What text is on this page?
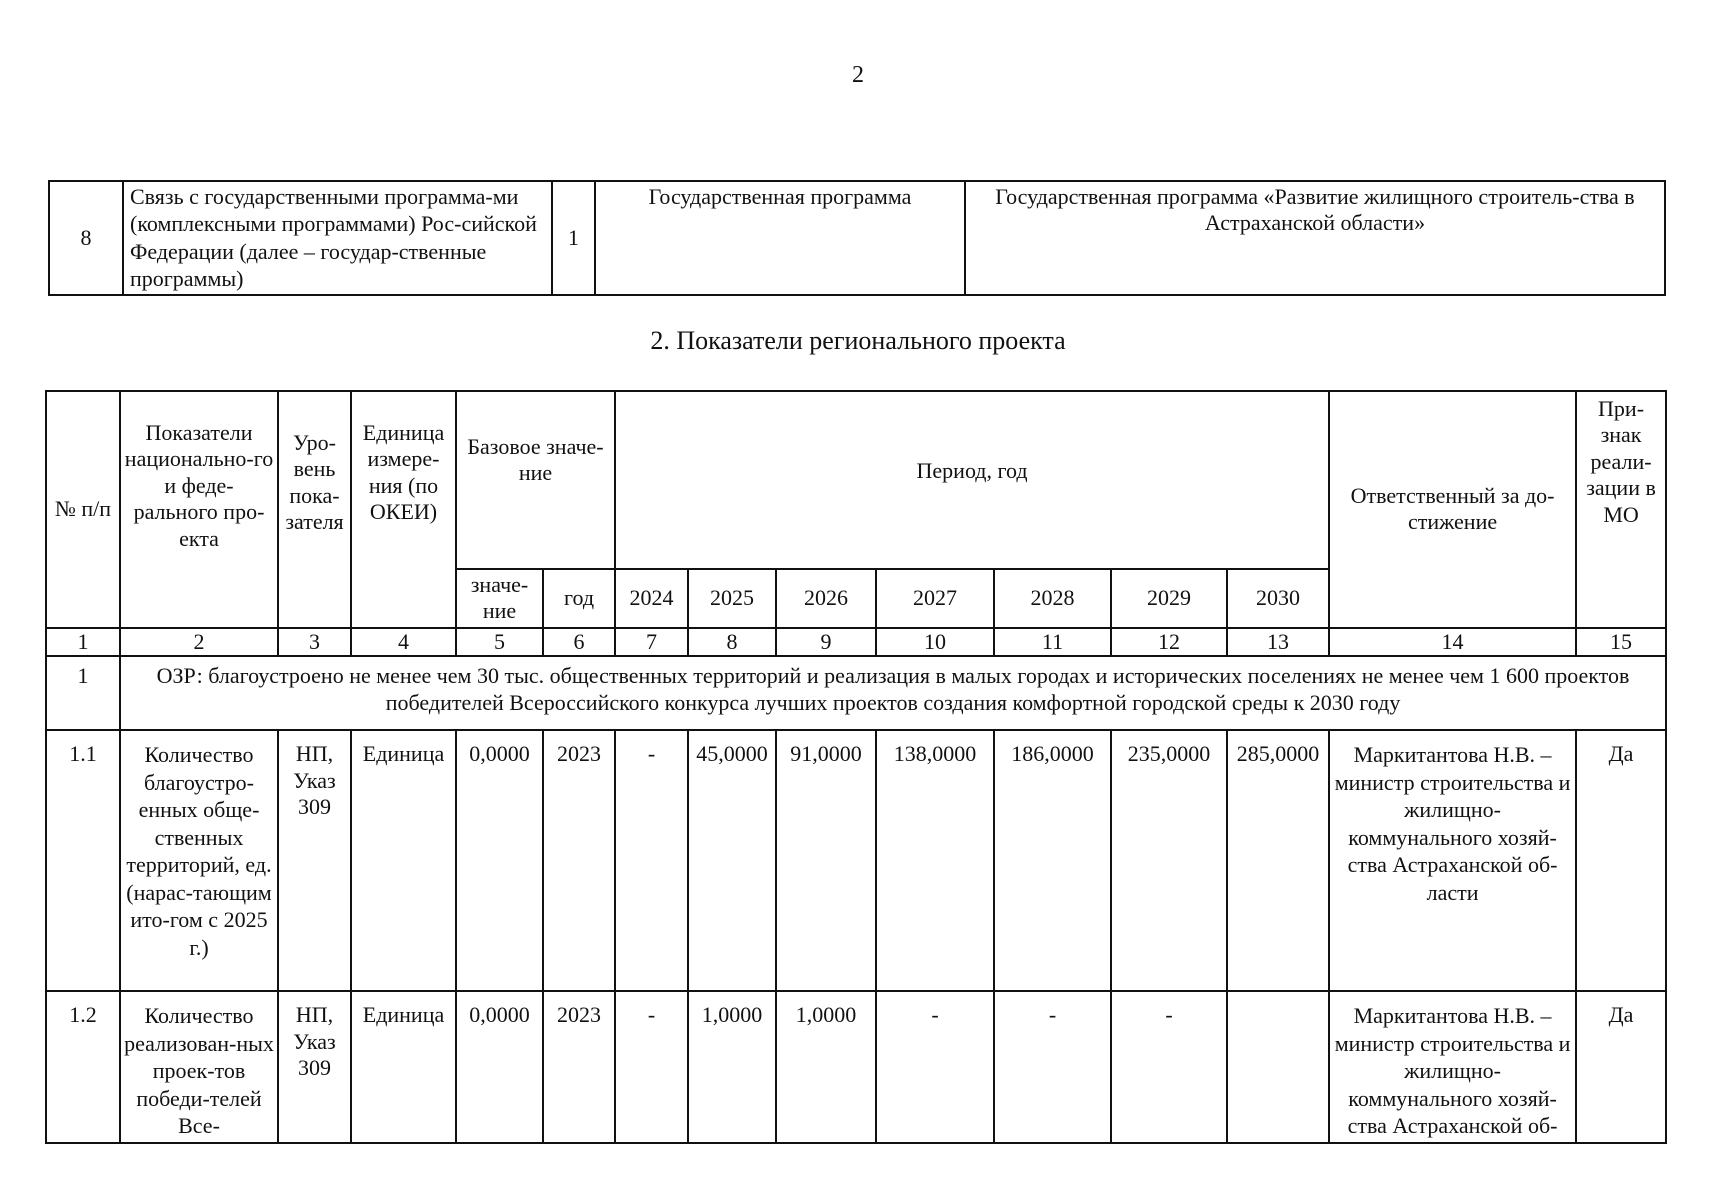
2
8	Связь с государственными программа-ми (комплексными программами) Рос-сийской Федерации (далее – государ-ственные программы)	1	Государственная программа	Государственная программа «Развитие жилищного строитель-ства в Астраханской области»
2. Показатели регионального проекта
№ п/п	Показатели национально-го и феде-рального про-екта	Уро-вень пока-зателя	Единица измере-ния (по ОКЕИ)	Базовое значе-ние		Период, год							Ответственный за до-стижение	При-знак реали-зации в МО
				значе-ние	год	2024	2025	2026	2027	2028	2029	2030		
1	2	3	4	5	6	7	8	9	10	11	12	13	14	15
1	ОЗР: благоустроено не менее чем 30 тыс. общественных территорий и реализация в малых городах и исторических поселениях не менее чем 1 600 проектов победителей Всероссийского конкурса лучших проектов создания комфортной городской среды к 2030 году													
1.1	Количество благоустро-енных обще-ственных территорий, ед. (нарас-тающим ито-гом с 2025 г.)	НП, Указ 309	Единица	0,0000	2023	-	45,0000	91,0000	138,0000	186,0000	235,0000	285,0000	Маркитантова Н.В. – министр строительства и жилищно-коммунального хозяй-ства Астраханской об-ласти	Да
1.2	Количество реализован-ных проек-тов победи-телей Все-	НП, Указ 309	Единица	0,0000	2023	-	1,0000	1,0000	-	-	-		Маркитантова Н.В. – министр строительства и жилищно-коммунального хозяй-ства Астраханской об-	Да
